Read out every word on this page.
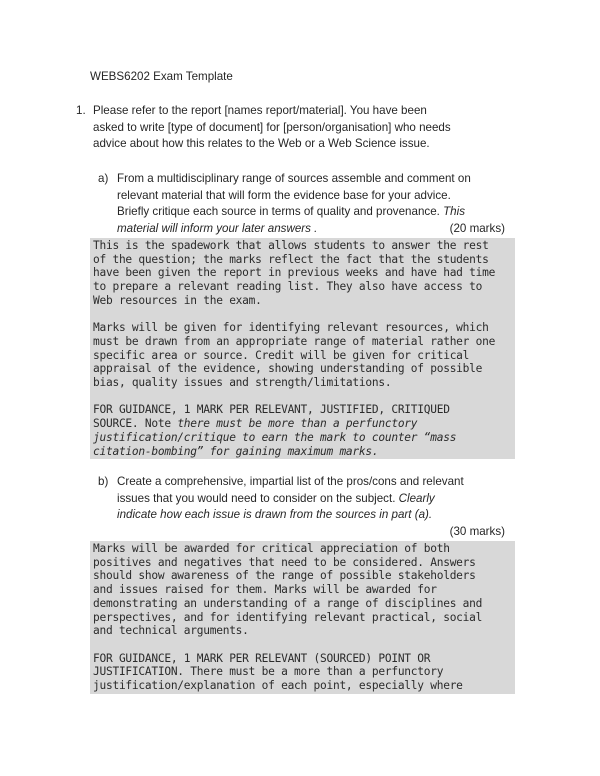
WEBS6202 Exam Template
1. Please refer to the report [names report/material]. You have been
asked to write [type of document] for [person/organisation] who needs
advice about how this relates to the Web or a Web Science issue.
a) From a multidisciplinary range of sources assemble and comment on
relevant material that will form the evidence base for your advice.
Briefly critique each source in terms of quality and provenance. This
material will inform your later answers .	(20 marks)
This is the spadework that allows students to answer the rest
of the question; the marks reflect the fact that the students
have been given the report in previous weeks and have had time
to prepare a relevant reading list. They also have access to
Web resources in the exam.
Marks will be given for identifying relevant resources, which
must be drawn from an appropriate range of material rather one
specific area or source. Credit will be given for critical
appraisal of the evidence, showing understanding of possible
bias, quality issues and strength/limitations.
FOR GUIDANCE, 1 MARK PER RELEVANT, JUSTIFIED, CRITIQUED
SOURCE. Note there must be more than a perfunctory
justification/critique to earn the mark to counter “mass
citation-bombing” for gaining maximum marks.
b) Create a comprehensive, impartial list of the pros/cons and relevant
issues that you would need to consider on the subject. Clearly
indicate how each issue is drawn from the sources in part (a).
(30 marks)
Marks will be awarded for critical appreciation of both
positives and negatives that need to be considered. Answers
should show awareness of the range of possible stakeholders
and issues raised for them. Marks will be awarded for
demonstrating an understanding of a range of disciplines and
perspectives, and for identifying relevant practical, social
and technical arguments.
FOR GUIDANCE, 1 MARK PER RELEVANT (SOURCED) POINT OR
JUSTIFICATION. There must be a more than a perfunctory
justification/explanation of each point, especially where
